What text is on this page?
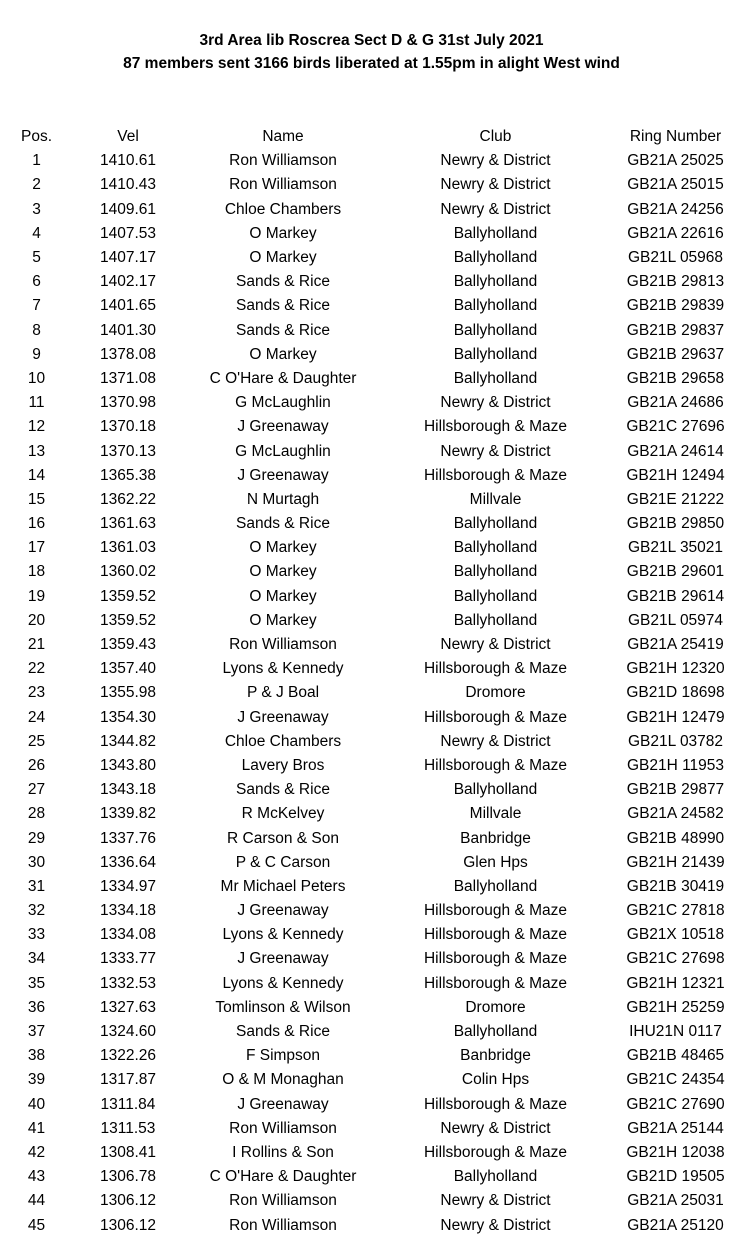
3rd Area lib Roscrea Sect D & G 31st July 2021
87 members sent 3166 birds liberated at 1.55pm in alight West wind
Pos.	Vel	Name	Club	Ring Number
1	1410.61	Ron Williamson	Newry & District	GB21A 25025
2	1410.43	Ron Williamson	Newry & District	GB21A 25015
3	1409.61	Chloe Chambers	Newry & District	GB21A 24256
4	1407.53	O Markey	Ballyholland	GB21A 22616
5	1407.17	O Markey	Ballyholland	GB21L 05968
6	1402.17	Sands & Rice	Ballyholland	GB21B 29813
7	1401.65	Sands & Rice	Ballyholland	GB21B 29839
8	1401.30	Sands & Rice	Ballyholland	GB21B 29837
9	1378.08	O Markey	Ballyholland	GB21B 29637
10	1371.08	C O'Hare & Daughter	Ballyholland	GB21B 29658
11	1370.98	G McLaughlin	Newry & District	GB21A 24686
12	1370.18	J Greenaway	Hillsborough & Maze	GB21C 27696
13	1370.13	G McLaughlin	Newry & District	GB21A 24614
14	1365.38	J Greenaway	Hillsborough & Maze	GB21H 12494
15	1362.22	N Murtagh	Millvale	GB21E 21222
16	1361.63	Sands & Rice	Ballyholland	GB21B 29850
17	1361.03	O Markey	Ballyholland	GB21L 35021
18	1360.02	O Markey	Ballyholland	GB21B 29601
19	1359.52	O Markey	Ballyholland	GB21B 29614
20	1359.52	O Markey	Ballyholland	GB21L 05974
21	1359.43	Ron Williamson	Newry & District	GB21A 25419
22	1357.40	Lyons & Kennedy	Hillsborough & Maze	GB21H 12320
23	1355.98	P & J Boal	Dromore	GB21D 18698
24	1354.30	J Greenaway	Hillsborough & Maze	GB21H 12479
25	1344.82	Chloe Chambers	Newry & District	GB21L 03782
26	1343.80	Lavery Bros	Hillsborough & Maze	GB21H 11953
27	1343.18	Sands & Rice	Ballyholland	GB21B 29877
28	1339.82	R McKelvey	Millvale	GB21A 24582
29	1337.76	R Carson & Son	Banbridge	GB21B 48990
30	1336.64	P & C Carson	Glen Hps	GB21H 21439
31	1334.97	Mr Michael Peters	Ballyholland	GB21B 30419
32	1334.18	J Greenaway	Hillsborough & Maze	GB21C 27818
33	1334.08	Lyons & Kennedy	Hillsborough & Maze	GB21X 10518
34	1333.77	J Greenaway	Hillsborough & Maze	GB21C 27698
35	1332.53	Lyons & Kennedy	Hillsborough & Maze	GB21H 12321
36	1327.63	Tomlinson & Wilson	Dromore	GB21H 25259
37	1324.60	Sands & Rice	Ballyholland	IHU21N 0117
38	1322.26	F Simpson	Banbridge	GB21B 48465
39	1317.87	O & M Monaghan	Colin Hps	GB21C 24354
40	1311.84	J Greenaway	Hillsborough & Maze	GB21C 27690
41	1311.53	Ron Williamson	Newry & District	GB21A 25144
42	1308.41	I Rollins & Son	Hillsborough & Maze	GB21H 12038
43	1306.78	C O'Hare & Daughter	Ballyholland	GB21D 19505
44	1306.12	Ron Williamson	Newry & District	GB21A 25031
45	1306.12	Ron Williamson	Newry & District	GB21A 25120
